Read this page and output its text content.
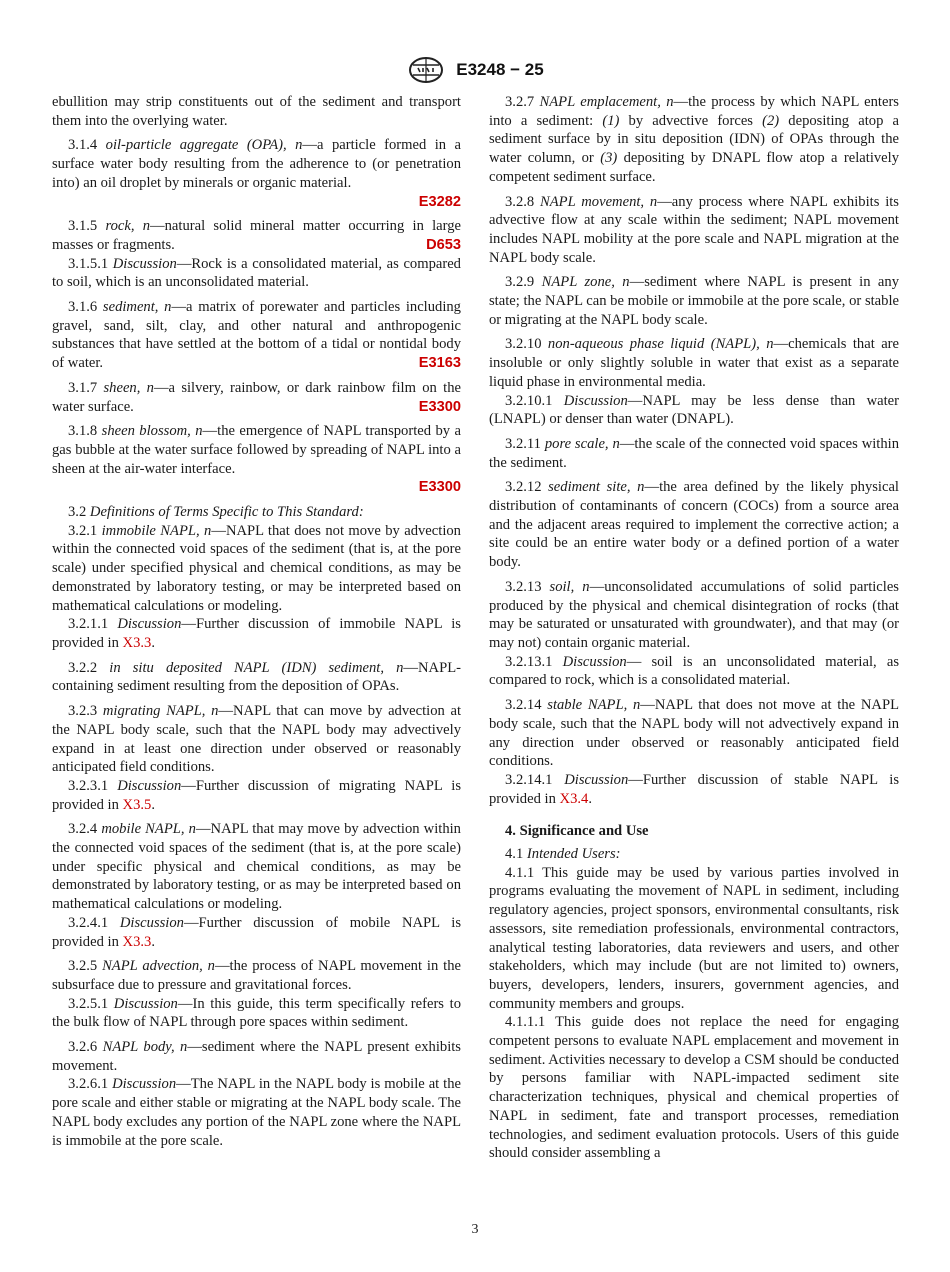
E3248 − 25

ebullition may strip constituents out of the sediment and transport them into the overlying water.

3.1.4 oil-particle aggregate (OPA), n—a particle formed in a surface water body resulting from the adherence to (or penetration into) an oil droplet by minerals or organic material.
E3282

3.1.5 rock, n—natural solid mineral matter occurring in large masses or fragments.	D653

3.1.5.1 Discussion—Rock is a consolidated material, as compared to soil, which is an unconsolidated material.

3.1.6 sediment, n—a matrix of porewater and particles including gravel, sand, silt, clay, and other natural and anthropogenic substances that have settled at the bottom of a tidal or nontidal body of water.	E3163

3.1.7 sheen, n—a silvery, rainbow, or dark rainbow film on the water surface.	E3300

3.1.8 sheen blossom, n—the emergence of NAPL transported by a gas bubble at the water surface followed by spreading of NAPL into a sheen at the air-water interface.
E3300

3.2 Definitions of Terms Specific to This Standard:

3.2.1 immobile NAPL, n—NAPL that does not move by advection within the connected void spaces of the sediment (that is, at the pore scale) under specified physical and chemical conditions, as may be demonstrated by laboratory testing, or may be interpreted based on mathematical calculations or modeling.

3.2.1.1 Discussion—Further discussion of immobile NAPL is provided in X3.3.

3.2.2 in situ deposited NAPL (IDN) sediment, n—NAPL-containing sediment resulting from the deposition of OPAs.

3.2.3 migrating NAPL, n—NAPL that can move by advection at the NAPL body scale, such that the NAPL body may advectively expand in at least one direction under observed or reasonably anticipated field conditions.

3.2.3.1 Discussion—Further discussion of migrating NAPL is provided in X3.5.

3.2.4 mobile NAPL, n—NAPL that may move by advection within the connected void spaces of the sediment (that is, at the pore scale) under specific physical and chemical conditions, as may be demonstrated by laboratory testing, or as may be interpreted based on mathematical calculations or modeling.

3.2.4.1 Discussion—Further discussion of mobile NAPL is provided in X3.3.

3.2.5 NAPL advection, n—the process of NAPL movement in the subsurface due to pressure and gravitational forces.

3.2.5.1 Discussion—In this guide, this term specifically refers to the bulk flow of NAPL through pore spaces within sediment.

3.2.6 NAPL body, n—sediment where the NAPL present exhibits movement.

3.2.6.1 Discussion—The NAPL in the NAPL body is mobile at the pore scale and either stable or migrating at the NAPL body scale. The NAPL body excludes any portion of the NAPL zone where the NAPL is immobile at the pore scale.

3.2.7 NAPL emplacement, n—the process by which NAPL enters into a sediment: (1) by advective forces (2) depositing atop a sediment surface by in situ deposition (IDN) of OPAs through the water column, or (3) depositing by DNAPL flow atop a relatively competent sediment surface.

3.2.8 NAPL movement, n—any process where NAPL exhibits its advective flow at any scale within the sediment; NAPL movement includes NAPL mobility at the pore scale and NAPL migration at the NAPL body scale.

3.2.9 NAPL zone, n—sediment where NAPL is present in any state; the NAPL can be mobile or immobile at the pore scale, or stable or migrating at the NAPL body scale.

3.2.10 non-aqueous phase liquid (NAPL), n—chemicals that are insoluble or only slightly soluble in water that exist as a separate liquid phase in environmental media.

3.2.10.1 Discussion—NAPL may be less dense than water (LNAPL) or denser than water (DNAPL).

3.2.11 pore scale, n—the scale of the connected void spaces within the sediment.

3.2.12 sediment site, n—the area defined by the likely physical distribution of contaminants of concern (COCs) from a source area and the adjacent areas required to implement the corrective action; a site could be an entire water body or a defined portion of a water body.

3.2.13 soil, n—unconsolidated accumulations of solid particles produced by the physical and chemical disintegration of rocks (that may be saturated or unsaturated with groundwater), and that may (or may not) contain organic material.

3.2.13.1 Discussion— soil is an unconsolidated material, as compared to rock, which is a consolidated material.

3.2.14 stable NAPL, n—NAPL that does not move at the NAPL body scale, such that the NAPL body will not advectively expand in any direction under observed or reasonably anticipated field conditions.

3.2.14.1 Discussion—Further discussion of stable NAPL is provided in X3.4.

4. Significance and Use

4.1 Intended Users:

4.1.1 This guide may be used by various parties involved in programs evaluating the movement of NAPL in sediment, including regulatory agencies, project sponsors, environmental consultants, risk assessors, site remediation professionals, environmental contractors, analytical testing laboratories, data reviewers and users, and other stakeholders, which may include (but are not limited to) owners, buyers, developers, lenders, insurers, government agencies, and community members and groups.

4.1.1.1 This guide does not replace the need for engaging competent persons to evaluate NAPL emplacement and movement in sediment. Activities necessary to develop a CSM should be conducted by persons familiar with NAPL-impacted sediment site characterization techniques, physical and chemical properties of NAPL in sediment, fate and transport processes, remediation technologies, and sediment evaluation protocols. Users of this guide should consider assembling a

3
